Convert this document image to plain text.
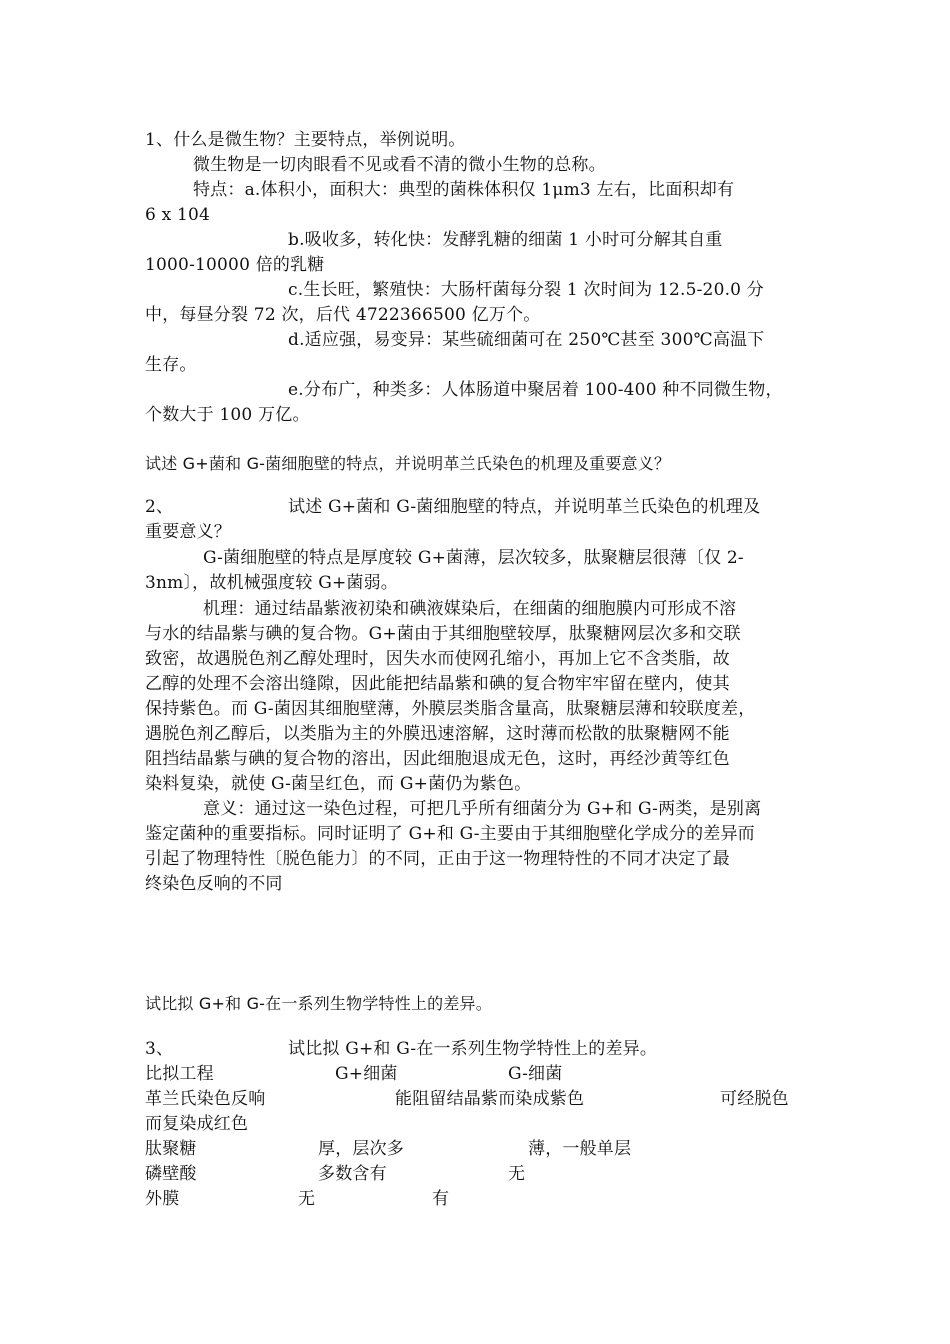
1、什么是微生物？主要特点，举例说明。
微生物是一切肉眼看不见或看不清的微小生物的总称。
特点：a.体积小，面积大：典型的菌株体积仅 1μm3 左右，比面积却有
6 x 104
b.吸收多，转化快：发酵乳糖的细菌 1 小时可分解其自重
1000-10000 倍的乳糖
c.生长旺，繁殖快：大肠杆菌每分裂 1 次时间为 12.5-20.0 分
中，每昼分裂 72 次，后代 4722366500 亿万个。
d.适应强，易变异：某些硫细菌可在 250℃甚至 300℃高温下
生存。
e.分布广，种类多：人体肠道中聚居着 100-400 种不同微生物，
个数大于 100 万亿。
试述 G+菌和 G-菌细胞壁的特点，并说明革兰氏染色的机理及重要意义？
2、	试述 G+菌和 G-菌细胞壁的特点，并说明革兰氏染色的机理及
重要意义？
G-菌细胞壁的特点是厚度较 G+菌薄，层次较多，肽聚糖层很薄〔仅 2-
3nm〕，故机械强度较 G+菌弱。
机理：通过结晶紫液初染和碘液媒染后，在细菌的细胞膜内可形成不溶
与水的结晶紫与碘的复合物。G+菌由于其细胞壁较厚，肽聚糖网层次多和交联
致密，故遇脱色剂乙醇处理时，因失水而使网孔缩小，再加上它不含类脂，故
乙醇的处理不会溶出缝隙，因此能把结晶紫和碘的复合物牢牢留在壁内，使其
保持紫色。而 G-菌因其细胞壁薄，外膜层类脂含量高，肽聚糖层薄和较联度差，
遇脱色剂乙醇后，以类脂为主的外膜迅速溶解，这时薄而松散的肽聚糖网不能
阻挡结晶紫与碘的复合物的溶出，因此细胞退成无色，这时，再经沙黄等红色
染料复染，就使 G-菌呈红色，而 G+菌仍为紫色。
意义：通过这一染色过程，可把几乎所有细菌分为 G+和 G-两类，是别离
鉴定菌种的重要指标。同时证明了 G+和 G-主要由于其细胞壁化学成分的差异而
引起了物理特性〔脱色能力〕的不同，正由于这一物理特性的不同才决定了最
终染色反响的不同
试比拟 G+和 G-在一系列生物学特性上的差异。
3、	试比拟 G+和 G-在一系列生物学特性上的差异。
比拟工程	G+细菌	G-细菌
革兰氏染色反响	能阻留结晶紫而染成紫色	可经脱色
而复染成红色
肽聚糖	厚，层次多	薄，一般单层
磷壁酸	多数含有	无
外膜	无	有
